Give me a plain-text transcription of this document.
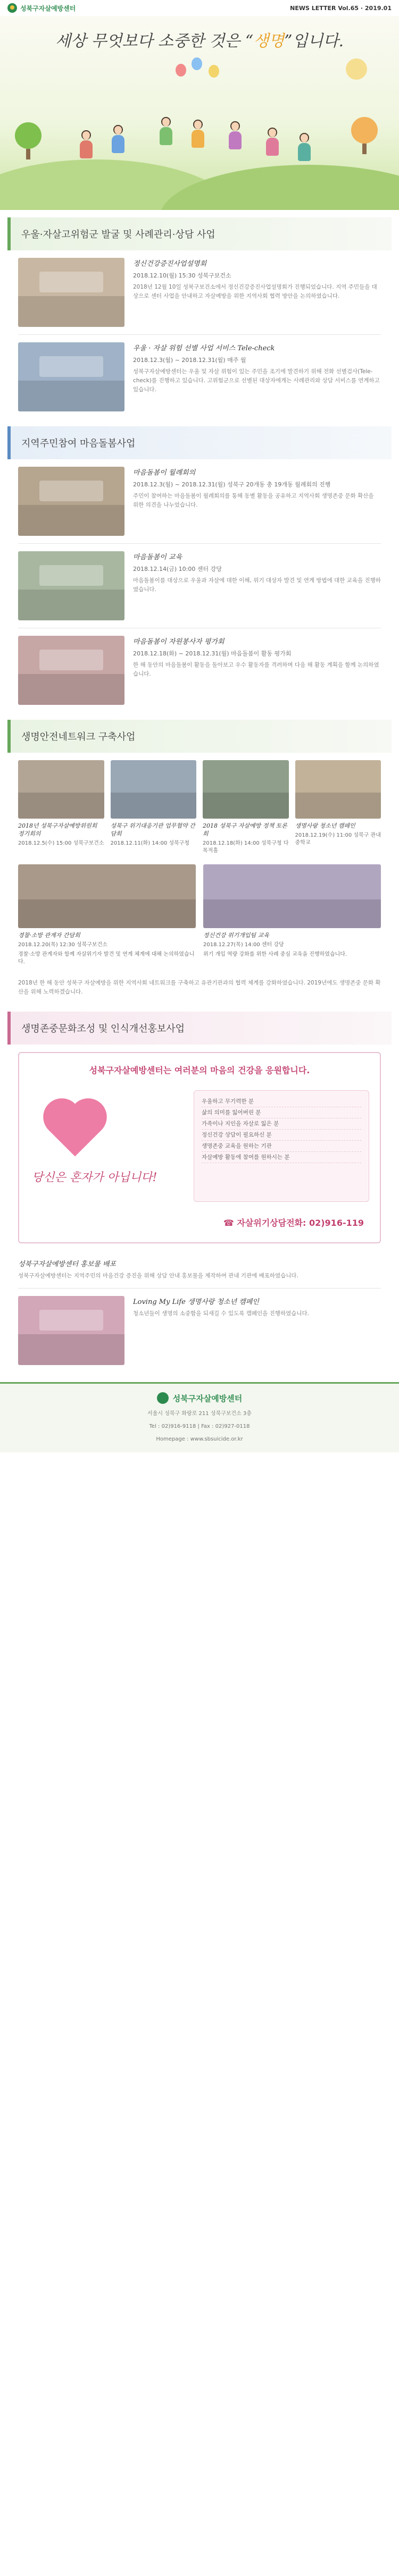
성북구자살예방센터	NEWS LETTER Vol.65 · 2019.01
세상 무엇보다 소중한 것은 “생명”입니다.
우울·자살고위험군 발굴 및 사례관리·상담 사업
정신건강증진사업설명회
2018.12.10(월) 15:30 성북구보건소

2018년 12월 10일 성북구보건소에서 정신건강증진사업설명회가 진행되었습니다. 지역 주민들을 대상으로 센터 사업을 안내하고 자살예방을 위한 지역사회 협력 방안을 논의하였습니다.

우울 · 자살 위험 선별 사업 서비스 Tele-check
2018.12.3(월) ~ 2018.12.31(월) 매주 월

성북구자살예방센터는 우울 및 자살 위험이 있는 주민을 조기에 발견하기 위해 전화 선별검사(Tele-check)를 진행하고 있습니다. 고위험군으로 선별된 대상자에게는 사례관리와 상담 서비스를 연계하고 있습니다.

지역주민참여 마음돌봄사업
마음돌봄이 월례회의
2018.12.3(월) ~ 2018.12.31(월) 성북구 20개동 총 19개동 월례회의 진행

주민이 참여하는 마음돌봄이 월례회의를 통해 동별 활동을 공유하고 지역사회 생명존중 문화 확산을 위한 의견을 나누었습니다.

마음돌봄이 교육
2018.12.14(금) 10:00 센터 강당

마음돌봄이를 대상으로 우울과 자살에 대한 이해, 위기 대상자 발견 및 연계 방법에 대한 교육을 진행하였습니다.

마음돌봄이 자원봉사자 평가회
2018.12.18(화) ~ 2018.12.31(월) 마음돌봄이 활동 평가회

한 해 동안의 마음돌봄이 활동을 돌아보고 우수 활동자를 격려하며 다음 해 활동 계획을 함께 논의하였습니다.

생명안전네트워크 구축사업
2018년 성북구자살예방위원회 정기회의
2018.12.5(수) 15:00 성북구보건소
성북구 위기대응기관 업무협약 간담회
2018.12.11(화) 14:00 성북구청
2018 성북구 자살예방 정책 토론회
2018.12.18(화) 14:00 성북구청 다목적홀
생명사랑 청소년 캠페인
2018.12.19(수) 11:00 성북구 관내 중학교
경찰·소방 관계자 간담회
2018.12.20(목) 12:30 성북구보건소
경찰·소방 관계자와 함께 자살위기자 발견 및 연계 체계에 대해 논의하였습니다.
정신건강 위기개입팀 교육
2018.12.27(목) 14:00 센터 강당
위기 개입 역량 강화를 위한 사례 중심 교육을 진행하였습니다.
2018년 한 해 동안 성북구 자살예방을 위한 지역사회 네트워크를 구축하고 유관기관과의 협력 체계를 강화하였습니다. 2019년에도 생명존중 문화 확산을 위해 노력하겠습니다.
생명존중문화조성 및 인식개선홍보사업
성북구자살예방센터는 여러분의 마음의 건강을 응원합니다.
우울하고 무기력한 분
삶의 의미를 잃어버린 분
가족이나 지인을 자살로 잃은 분
정신건강 상담이 필요하신 분
생명존중 교육을 원하는 기관
자살예방 활동에 참여를 원하시는 분
당신은 혼자가 아닙니다!
☎ 자살위기상담전화: 02)916-119
성북구자살예방센터 홍보물 배포

성북구자살예방센터는 지역주민의 마음건강 증진을 위해 상담 안내 홍보물을 제작하여 관내 기관에 배포하였습니다.

Loving My Life 생명사랑 청소년 캠페인

청소년들이 생명의 소중함을 되새길 수 있도록 캠페인을 진행하였습니다.

성북구자살예방센터
서울시 성북구 화랑로 211 성북구보건소 3층
Tel : 02)916-9118 | Fax : 02)927-0118
Homepage : www.sbsuicide.or.kr
